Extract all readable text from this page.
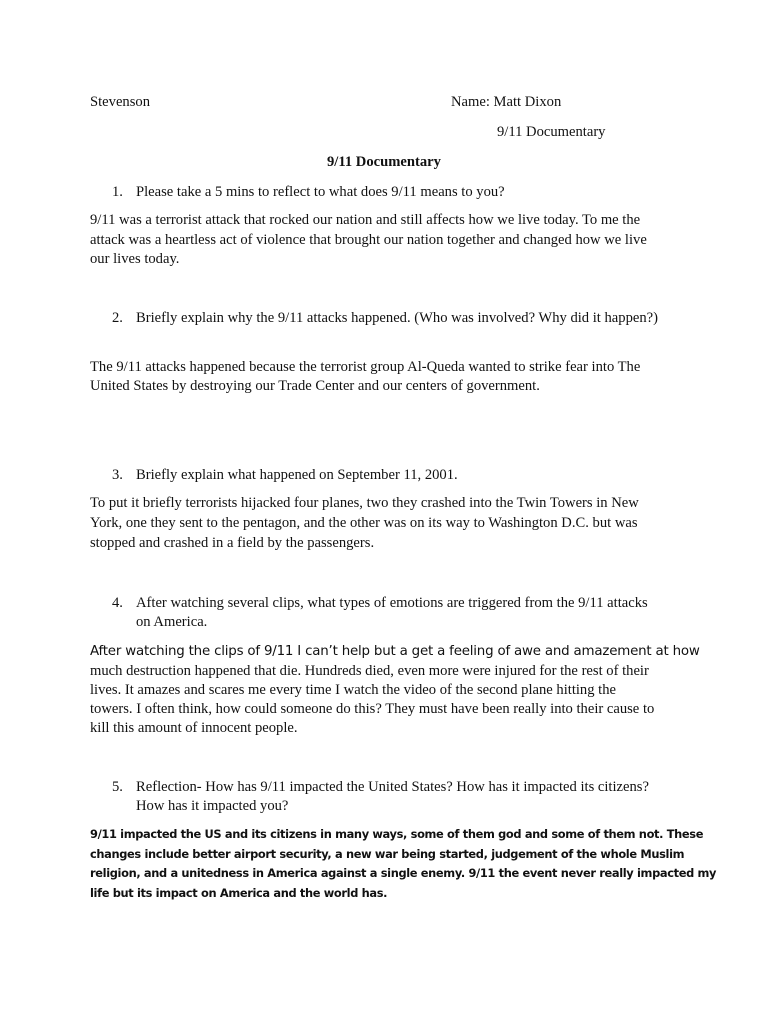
Stevenson	Name: Matt Dixon
9/11 Documentary
9/11 Documentary
1. Please take a 5 mins to reflect to what does 9/11 means to you?
9/11 was a terrorist attack that rocked our nation and still affects how we live today. To me the
attack was a heartless act of violence that brought our nation together and changed how we live
our lives today.
2. Briefly explain why the 9/11 attacks happened. (Who was involved? Why did it happen?)
The 9/11 attacks happened because the terrorist group Al-Queda wanted to strike fear into The
United States by destroying our Trade Center and our centers of government.
3. Briefly explain what happened on September 11, 2001.
To put it briefly terrorists hijacked four planes, two they crashed into the Twin Towers in New
York, one they sent to the pentagon, and the other was on its way to Washington D.C. but was
stopped and crashed in a field by the passengers.
4. After watching several clips, what types of emotions are triggered from the 9/11 attacks
on America.
After watching the clips of 9/11 I can’t help but a get a feeling of awe and amazement at how
much destruction happened that die. Hundreds died, even more were injured for the rest of their
lives. It amazes and scares me every time I watch the video of the second plane hitting the
towers. I often think, how could someone do this? They must have been really into their cause to
kill this amount of innocent people.
5. Reflection- How has 9/11 impacted the United States? How has it impacted its citizens?
How has it impacted you?
9/11 impacted the US and its citizens in many ways, some of them god and some of them not. These
changes include better airport security, a new war being started, judgement of the whole Muslim
religion, and a unitedness in America against a single enemy. 9/11 the event never really impacted my
life but its impact on America and the world has.
